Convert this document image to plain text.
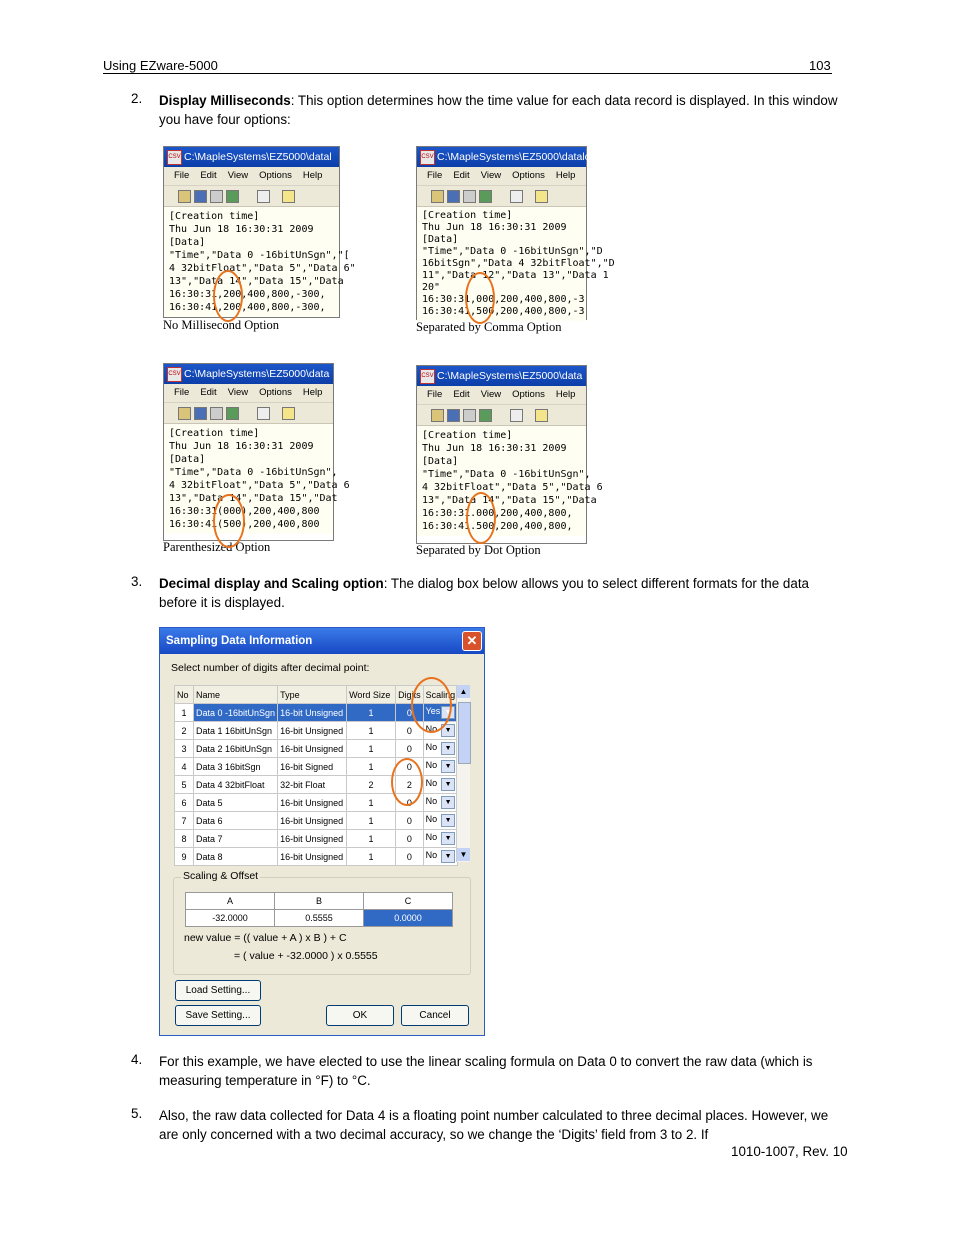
Using EZware-5000	103
2. Display Milliseconds: This option determines how the time value for each data record is displayed. In this window you have four options:
CSV C:\MapleSystems\EZ5000\datal
File Edit View Options Help
[Creation time]
Thu Jun 18 16:30:31 2009
[Data]
"Time","Data 0 -16bitUnSgn","[
4 32bitFloat","Data 5","Data 6"
13","Data 14","Data 15","Data
16:30:31,200,400,800,-300,
16:30:41,200,400,800,-300,
No Millisecond Option
CSV C:\MapleSystems\EZ5000\datalo
File Edit View Options Help
[Creation time]
Thu Jun 18 16:30:31 2009
[Data]
"Time","Data 0 -16bitUnSgn","D
16bitSgn","Data 4 32bitFloat","D
11","Data 12","Data 13","Data 1
20"
16:30:31,000,200,400,800,-3
16:30:41,500,200,400,800,-3
Separated by Comma Option
CSV C:\MapleSystems\EZ5000\data
File Edit View Options Help
[Creation time]
Thu Jun 18 16:30:31 2009
[Data]
"Time","Data 0 -16bitUnSgn",
4 32bitFloat","Data 5","Data 6
13","Data 14","Data 15","Dat
16:30:31(000),200,400,800
16:30:41(500),200,400,800
Parenthesized Option
CSV C:\MapleSystems\EZ5000\data
File Edit View Options Help
[Creation time]
Thu Jun 18 16:30:31 2009
[Data]
"Time","Data 0 -16bitUnSgn",
4 32bitFloat","Data 5","Data 6
13","Data 14","Data 15","Data
16:30:31.000,200,400,800,
16:30:41.500,200,400,800,
Separated by Dot Option
3. Decimal display and Scaling option: The dialog box below allows you to select different formats for the data before it is displayed.
Sampling Data Information	✕
Select number of digits after decimal point:
No	Name	Type	Word Size	Digits	Scaling
1	Data 0 -16bitUnSgn	16-bit Unsigned	1	0	Yes ▼

2	Data 1 16bitUnSgn	16-bit Unsigned	1	0	No ▼

3	Data 2 16bitUnSgn	16-bit Unsigned	1	0	No ▼

4	Data 3 16bitSgn	16-bit Signed	1	0	No ▼

5	Data 4 32bitFloat	32-bit Float	2	2	No ▼

6	Data 5	16-bit Unsigned	1	0	No ▼

7	Data 6	16-bit Unsigned	1	0	No ▼

8	Data 7	16-bit Unsigned	1	0	No ▼

9	Data 8	16-bit Unsigned	1	0	No ▼
▲
▼
Scaling & Offset
A	B	C
-32.0000	0.5555	0.0000
new value = (( value + A ) x B ) + C
= ( value + -32.0000 ) x 0.5555
Load Setting...
Save Setting...	OK	Cancel
4. For this example, we have elected to use the linear scaling formula on Data 0 to convert the raw data (which is measuring temperature in °F) to °C.
5. Also, the raw data collected for Data 4 is a floating point number calculated to three decimal places. However, we are only concerned with a two decimal accuracy, so we change the ‘Digits’ field from 3 to 2. If
1010-1007, Rev. 10
